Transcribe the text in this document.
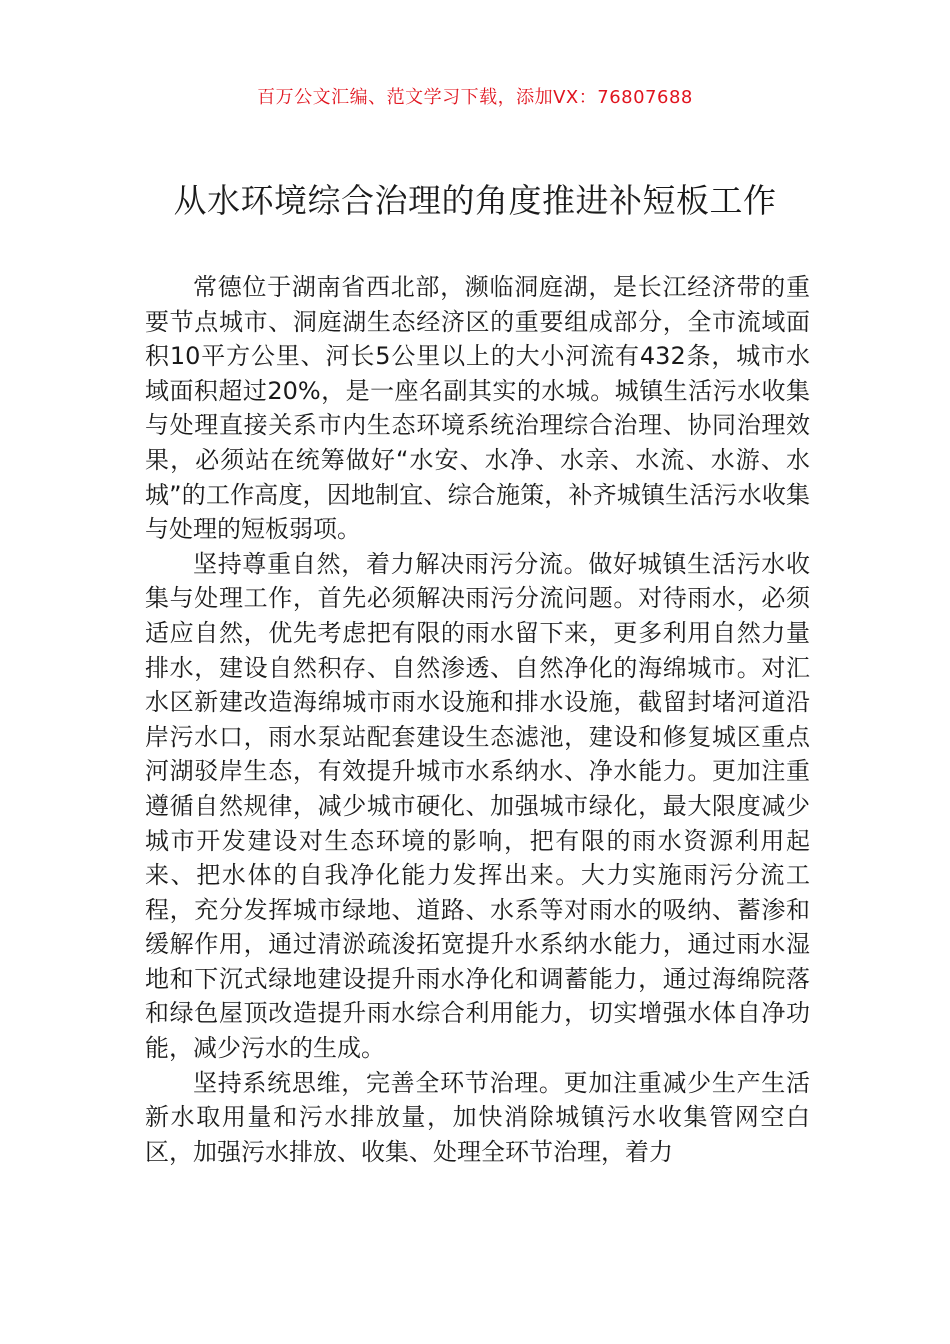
百万公文汇编、范文学习下载，添加VX：76807688
从水环境综合治理的角度推进补短板工作

常德位于湖南省西北部，濒临洞庭湖，是长江经济带的重要节点城市、洞庭湖生态经济区的重要组成部分，全市流域面积10平方公里、河长5公里以上的大小河流有432条，城市水域面积超过20%，是一座名副其实的水城。城镇生活污水收集与处理直接关系市内生态环境系统治理综合治理、协同治理效果，必须站在统筹做好“水安、水净、水亲、水流、水游、水城”的工作高度，因地制宜、综合施策，补齐城镇生活污水收集与处理的短板弱项。

坚持尊重自然，着力解决雨污分流。做好城镇生活污水收集与处理工作，首先必须解决雨污分流问题。对待雨水，必须适应自然，优先考虑把有限的雨水留下来，更多利用自然力量排水，建设自然积存、自然渗透、自然净化的海绵城市。对汇水区新建改造海绵城市雨水设施和排水设施，截留封堵河道沿岸污水口，雨水泵站配套建设生态滤池，建设和修复城区重点河湖驳岸生态，有效提升城市水系纳水、净水能力。更加注重遵循自然规律，减少城市硬化、加强城市绿化，最大限度减少城市开发建设对生态环境的影响，把有限的雨水资源利用起来、把水体的自我净化能力发挥出来。大力实施雨污分流工程，充分发挥城市绿地、道路、水系等对雨水的吸纳、蓄渗和缓解作用，通过清淤疏浚拓宽提升水系纳水能力，通过雨水湿地和下沉式绿地建设提升雨水净化和调蓄能力，通过海绵院落和绿色屋顶改造提升雨水综合利用能力，切实增强水体自净功能，减少污水的生成。

坚持系统思维，完善全环节治理。更加注重减少生产生活新水取用量和污水排放量，加快消除城镇污水收集管网空白区，加强污水排放、收集、处理全环节治理，着力
